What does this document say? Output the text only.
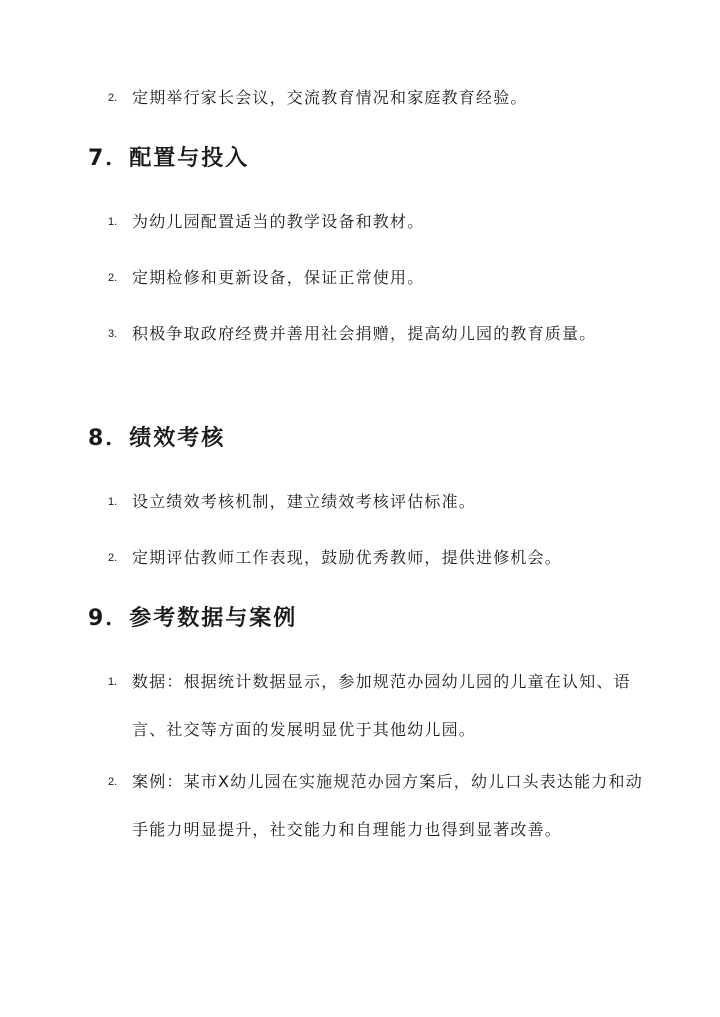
2. 定期举行家长会议，交流教育情况和家庭教育经验。
7．配置与投入
1. 为幼儿园配置适当的教学设备和教材。
2. 定期检修和更新设备，保证正常使用。
3. 积极争取政府经费并善用社会捐赠，提高幼儿园的教育质量。
8．绩效考核
1. 设立绩效考核机制，建立绩效考核评估标准。
2. 定期评估教师工作表现，鼓励优秀教师，提供进修机会。
9．参考数据与案例
1. 数据：根据统计数据显示，参加规范办园幼儿园的儿童在认知、语言、社交等方面的发展明显优于其他幼儿园。
2. 案例：某市X幼儿园在实施规范办园方案后，幼儿口头表达能力和动手能力明显提升，社交能力和自理能力也得到显著改善。
